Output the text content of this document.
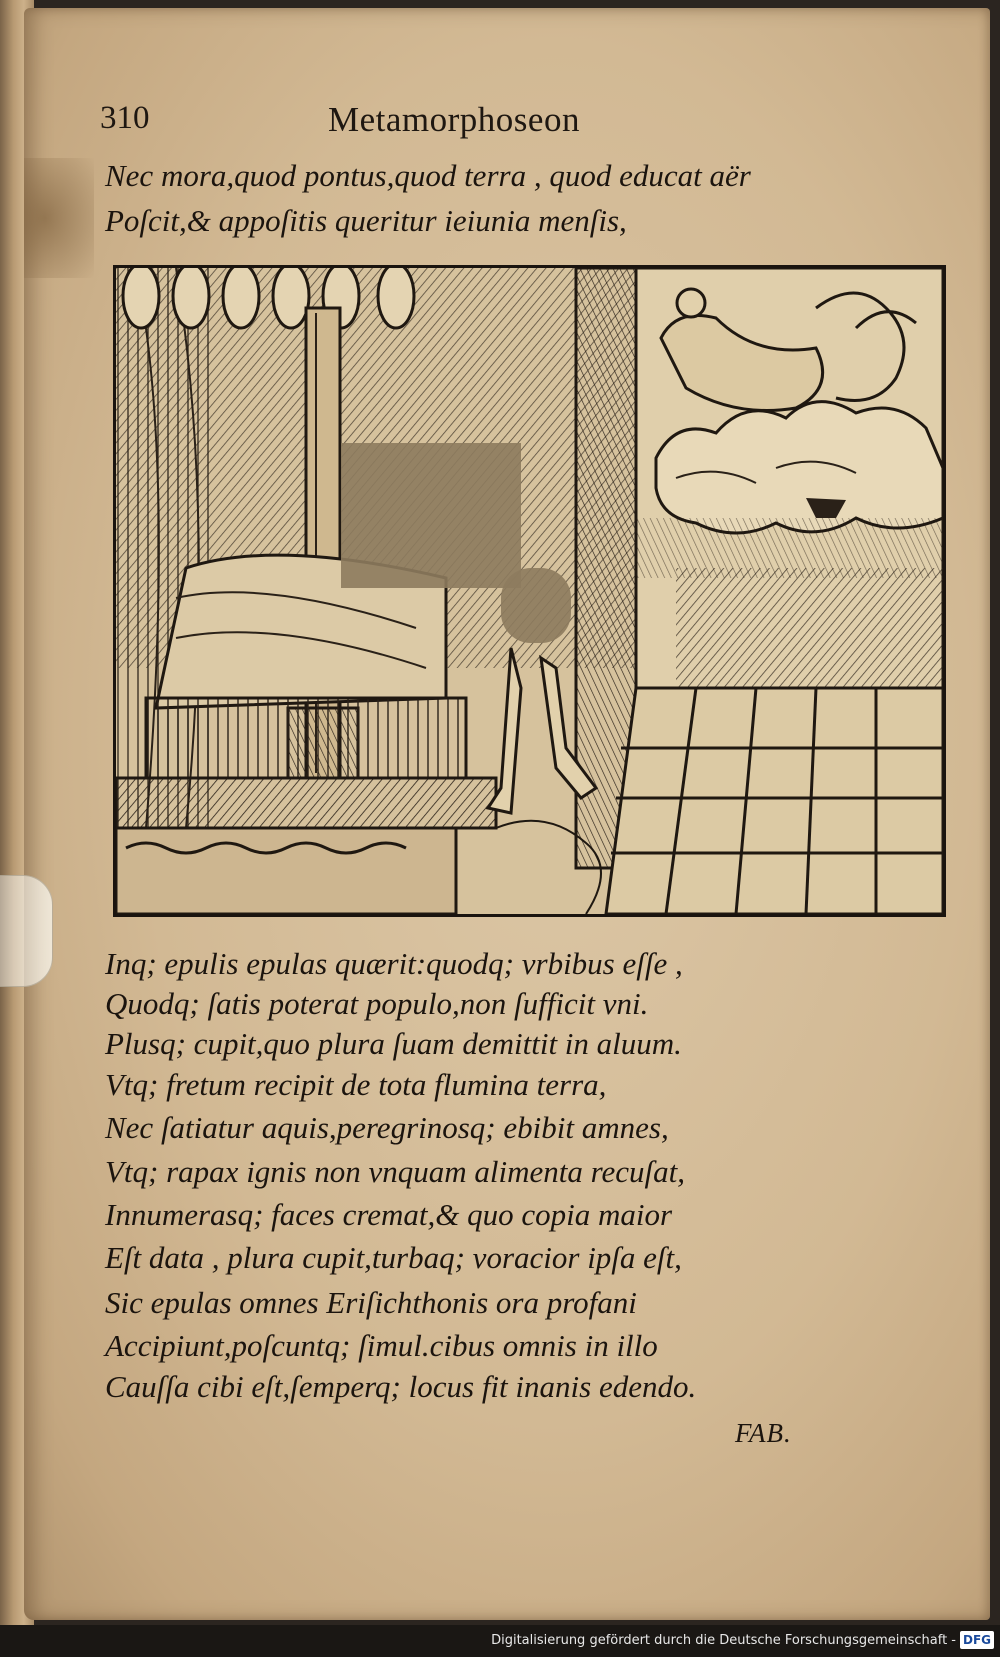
310	Metamorphoseon
Nec mora,quod pontus,quod terra , quod educat aër
Poſcit,& appoſitis queritur ieiunia menſis,
Inq; epulis epulas quærit:quodq; vrbibus eſſe ,
Quodq; ſatis poterat populo,non ſufficit vni.
Plusq; cupit,quo plura ſuam demittit in aluum.
Vtq; fretum recipit de tota flumina terra,
Nec ſatiatur aquis,peregrinosq; ebibit amnes,
Vtq; rapax ignis non vnquam alimenta recuſat,
Innumerasq; faces cremat,& quo copia maior
Eſt data , plura cupit,turbaq; voracior ipſa eſt,
Sic epulas omnes Eriſichthonis ora profani
Accipiunt,poſcuntq; ſimul.cibus omnis in illo
Cauſſa cibi eſt,ſemperq; locus fit inanis edendo.
FAB.
Digitalisierung gefördert durch die Deutsche Forschungsgemeinschaft - DFG
